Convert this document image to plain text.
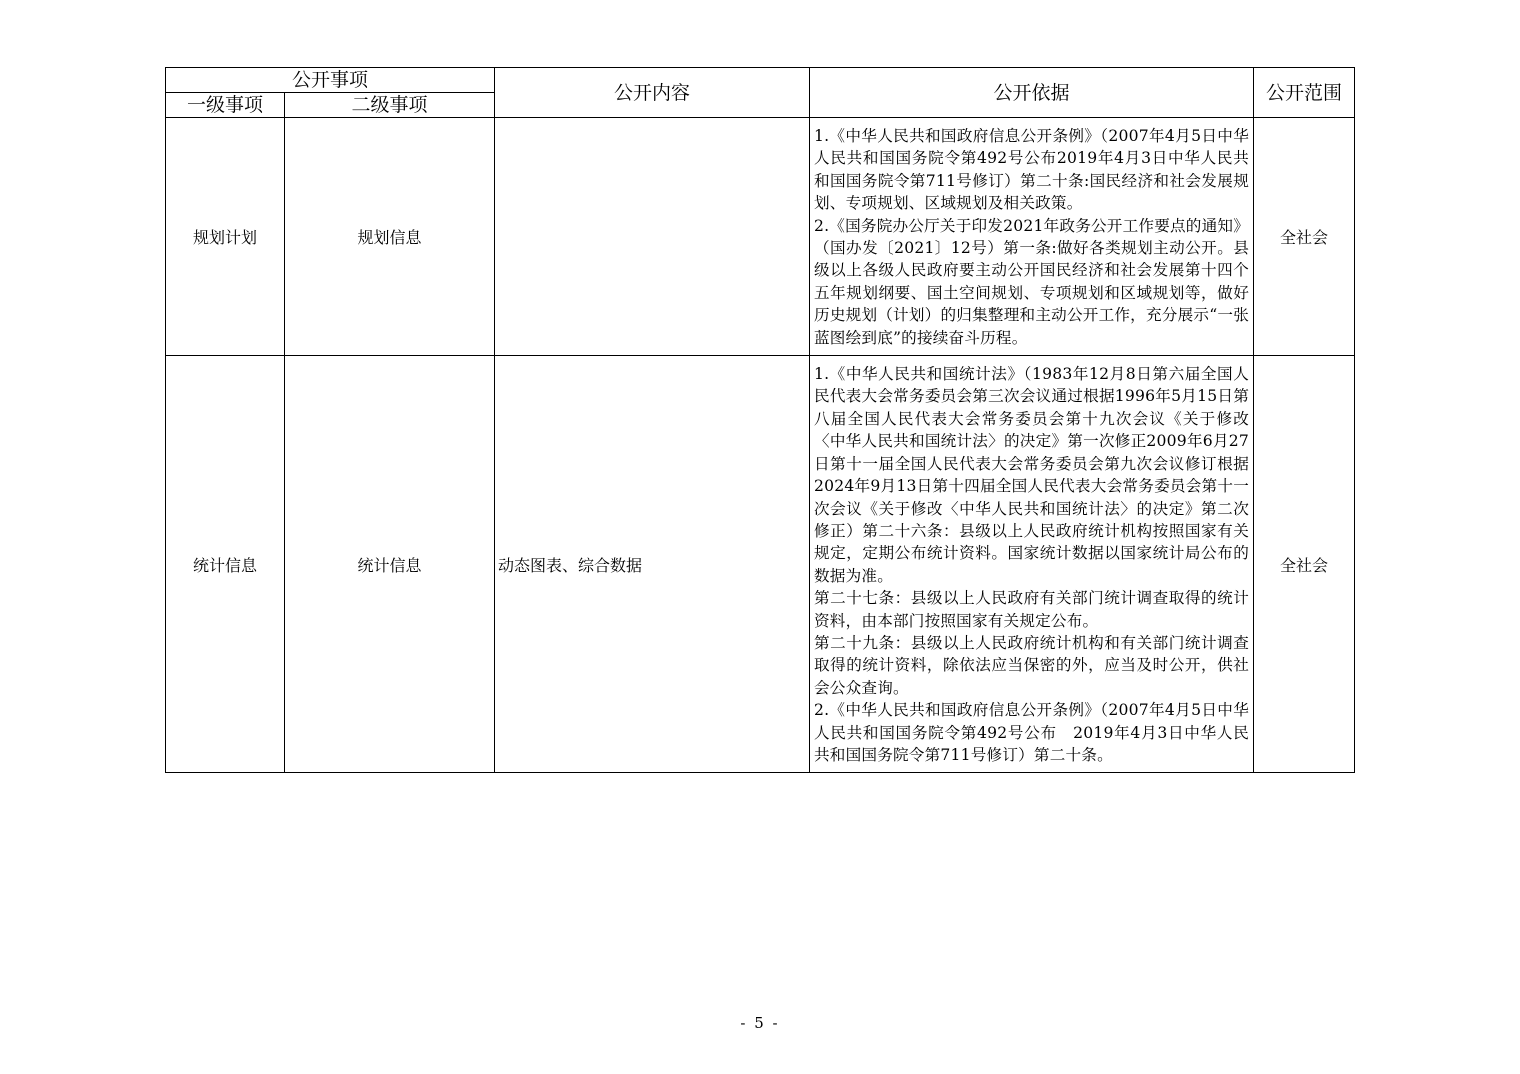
公开事项		公开内容	公开依据	公开范围
一级事项	二级事项			
规划计划	规划信息		1.《中华人民共和国政府信息公开条例》（2007年4月5日中华人民共和国国务院令第492号公布2019年4月3日中华人民共和国国务院令第711号修订）第二十条:国民经济和社会发展规划、专项规划、区域规划及相关政策。

2.《国务院办公厅关于印发2021年政务公开工作要点的通知》（国办发〔2021〕12号）第一条:做好各类规划主动公开。县级以上各级人民政府要主动公开国民经济和社会发展第十四个五年规划纲要、国土空间规划、专项规划和区域规划等，做好历史规划（计划）的归集整理和主动公开工作，充分展示“一张蓝图绘到底”的接续奋斗历程。	全社会
统计信息	统计信息	动态图表、综合数据	1.《中华人民共和国统计法》（1983年12月8日第六届全国人民代表大会常务委员会第三次会议通过根据1996年5月15日第八届全国人民代表大会常务委员会第十九次会议《关于修改〈中华人民共和国统计法〉的决定》第一次修正2009年6月27日第十一届全国人民代表大会常务委员会第九次会议修订根据2024年9月13日第十四届全国人民代表大会常务委员会第十一次会议《关于修改〈中华人民共和国统计法〉的决定》第二次修正）第二十六条：县级以上人民政府统计机构按照国家有关规定，定期公布统计资料。国家统计数据以国家统计局公布的数据为准。

第二十七条：县级以上人民政府有关部门统计调查取得的统计资料，由本部门按照国家有关规定公布。

第二十九条：县级以上人民政府统计机构和有关部门统计调查取得的统计资料，除依法应当保密的外，应当及时公开，供社会公众查询。

2.《中华人民共和国政府信息公开条例》（2007年4月5日中华人民共和国国务院令第492号公布　2019年4月3日中华人民共和国国务院令第711号修订）第二十条。	全社会
- 5 -
